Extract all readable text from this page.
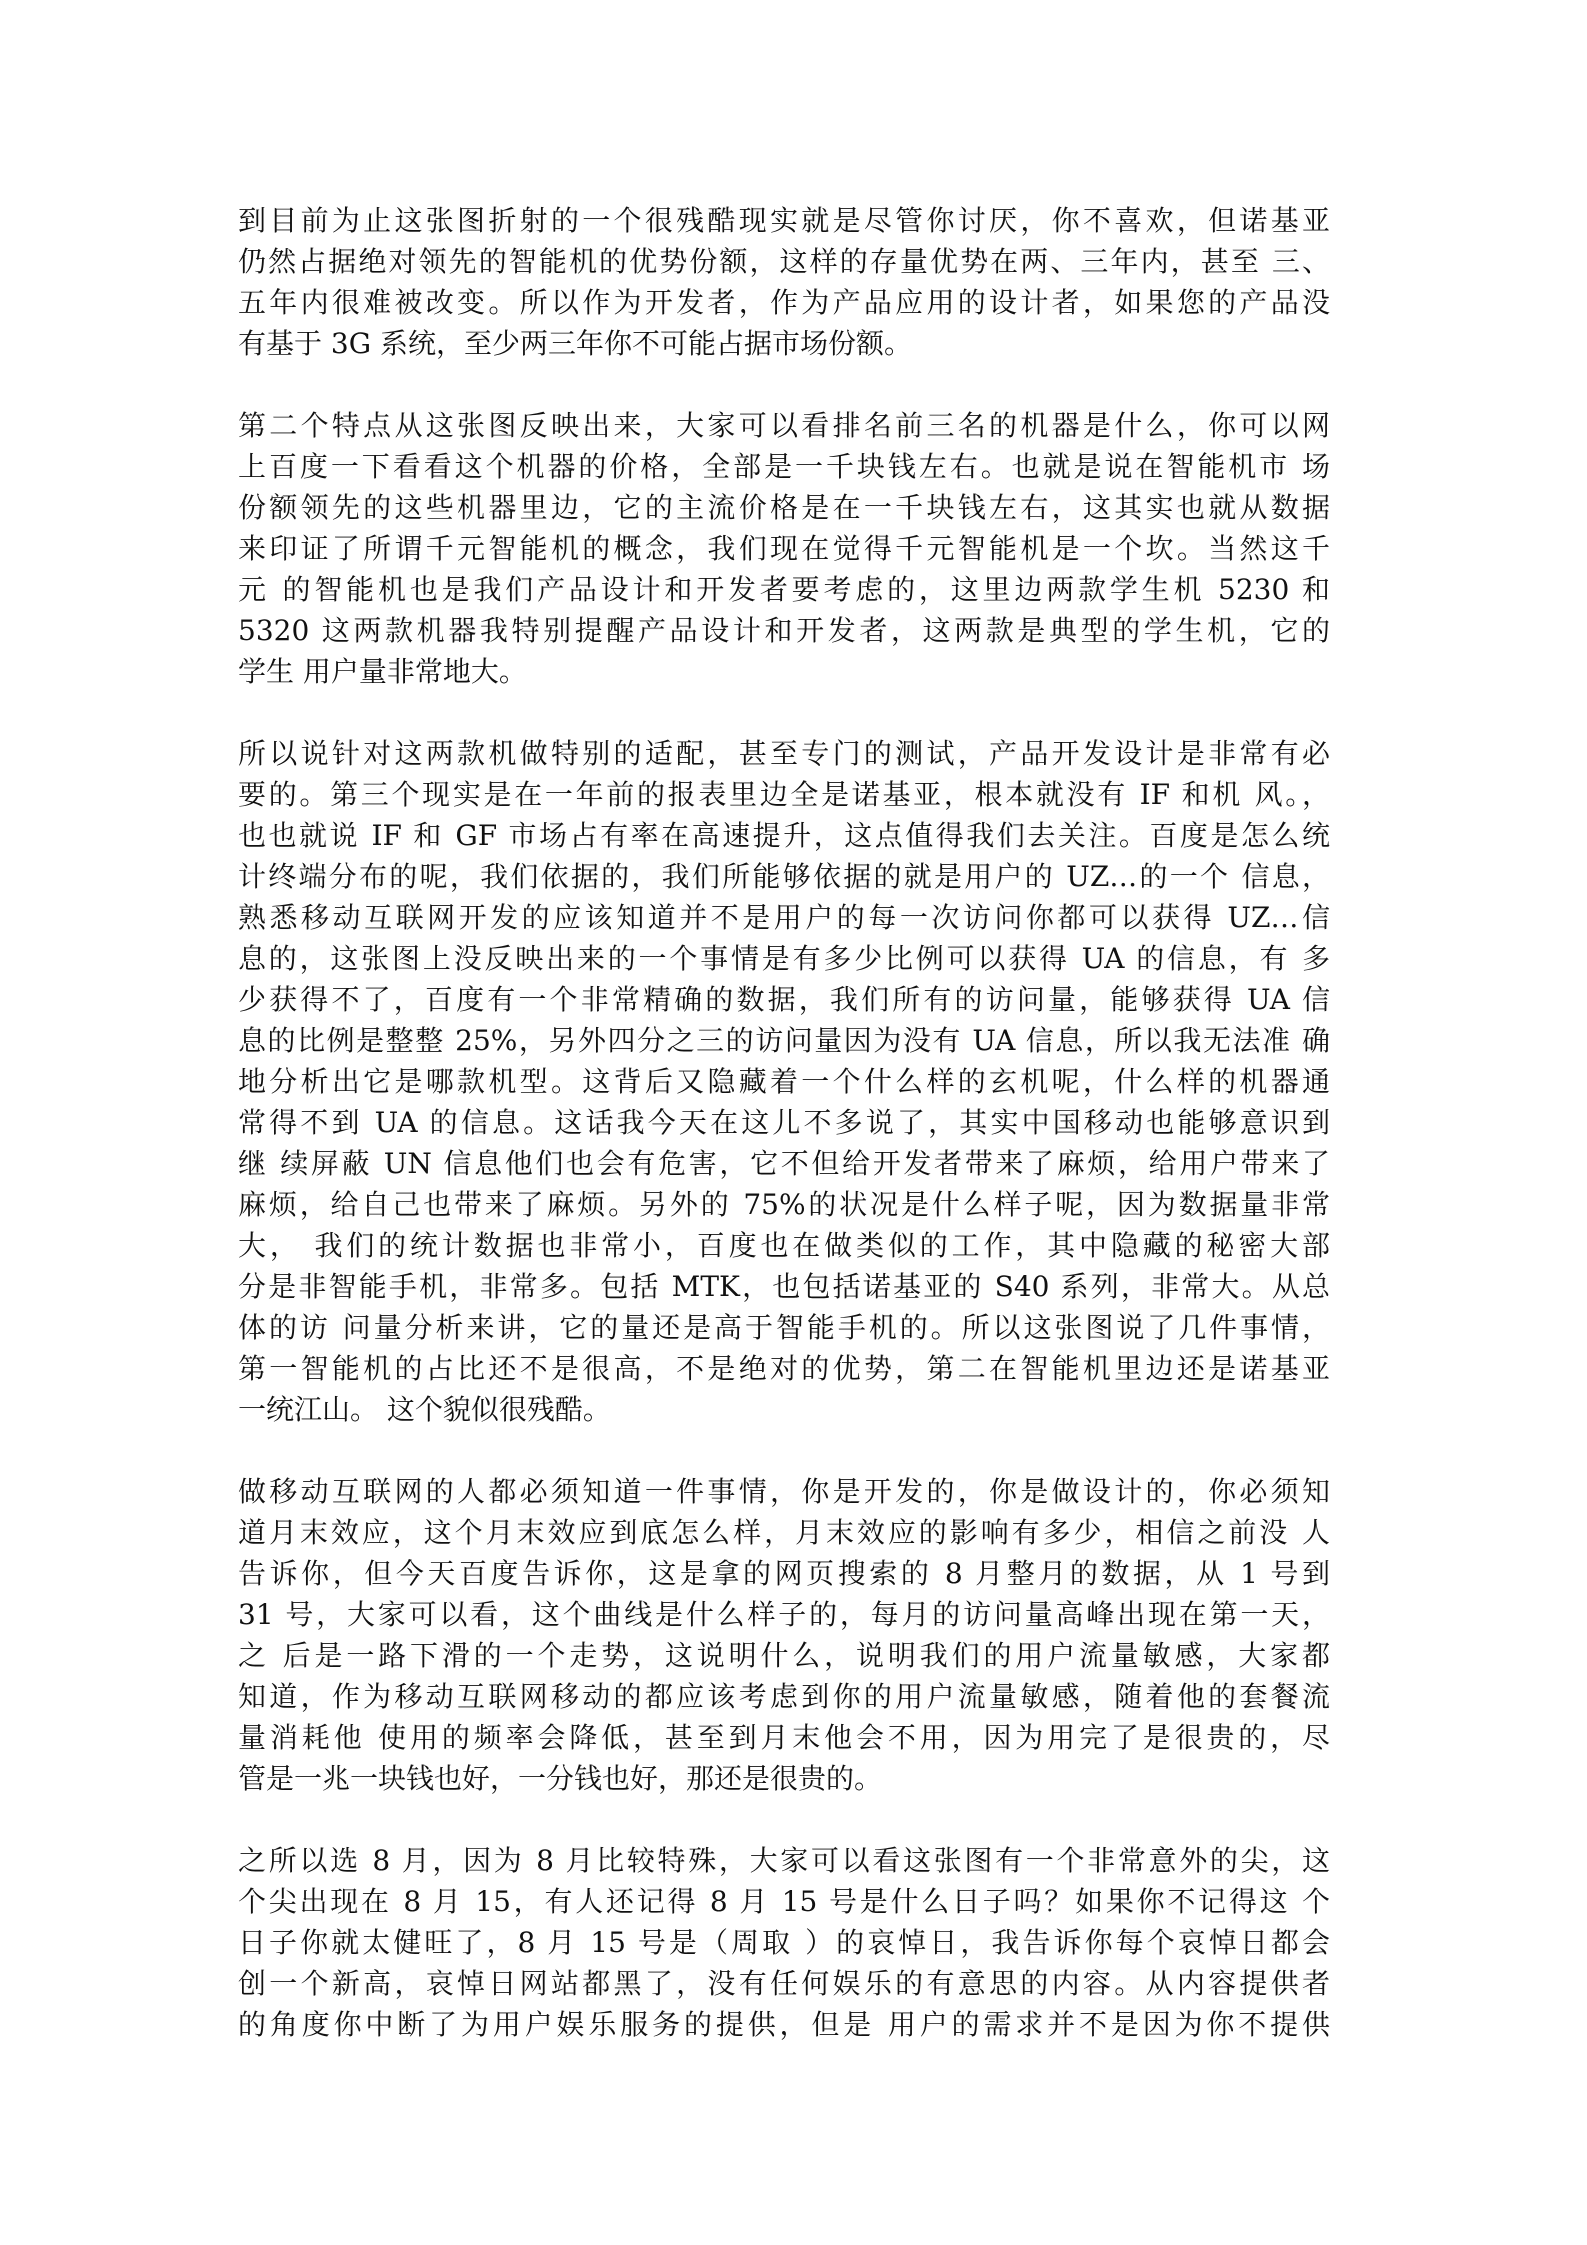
到目前为止这张图折射的一个很残酷现实就是尽管你讨厌，你不喜欢，但诺基亚
仍然占据绝对领先的智能机的优势份额，这样的存量优势在两、三年内，甚至 三、
五年内很难被改变。所以作为开发者，作为产品应用的设计者，如果您的产品没
有基于 3G 系统，至少两三年你不可能占据市场份额。
第二个特点从这张图反映出来，大家可以看排名前三名的机器是什么，你可以网
上百度一下看看这个机器的价格，全部是一千块钱左右。也就是说在智能机市 场
份额领先的这些机器里边，它的主流价格是在一千块钱左右，这其实也就从数据
来印证了所谓千元智能机的概念，我们现在觉得千元智能机是一个坎。当然这千
元 的智能机也是我们产品设计和开发者要考虑的，这里边两款学生机 5230 和
5320 这两款机器我特别提醒产品设计和开发者，这两款是典型的学生机，它的
学生 用户量非常地大。
所以说针对这两款机做特别的适配，甚至专门的测试，产品开发设计是非常有必
要的。第三个现实是在一年前的报表里边全是诺基亚，根本就没有 IF 和机 风。，
也也就说 IF 和 GF 市场占有率在高速提升，这点值得我们去关注。百度是怎么统
计终端分布的呢，我们依据的，我们所能够依据的就是用户的 UZ…的一个 信息，
熟悉移动互联网开发的应该知道并不是用户的每一次访问你都可以获得 UZ…信
息的，这张图上没反映出来的一个事情是有多少比例可以获得 UA 的信息，有 多
少获得不了，百度有一个非常精确的数据，我们所有的访问量，能够获得 UA 信
息的比例是整整 25%，另外四分之三的访问量因为没有 UA 信息，所以我无法准 确
地分析出它是哪款机型。这背后又隐藏着一个什么样的玄机呢，什么样的机器通
常得不到 UA 的信息。这话我今天在这儿不多说了，其实中国移动也能够意识到
继 续屏蔽 UN 信息他们也会有危害，它不但给开发者带来了麻烦，给用户带来了
麻烦，给自己也带来了麻烦。另外的 75%的状况是什么样子呢，因为数据量非常
大， 我们的统计数据也非常小，百度也在做类似的工作，其中隐藏的秘密大部
分是非智能手机，非常多。包括 MTK，也包括诺基亚的 S40 系列，非常大。从总
体的访 问量分析来讲，它的量还是高于智能手机的。所以这张图说了几件事情，
第一智能机的占比还不是很高，不是绝对的优势，第二在智能机里边还是诺基亚
一统江山。 这个貌似很残酷。
做移动互联网的人都必须知道一件事情，你是开发的，你是做设计的，你必须知
道月末效应，这个月末效应到底怎么样，月末效应的影响有多少，相信之前没 人
告诉你，但今天百度告诉你，这是拿的网页搜索的 8 月整月的数据，从 1 号到
31 号，大家可以看，这个曲线是什么样子的，每月的访问量高峰出现在第一天，
之 后是一路下滑的一个走势，这说明什么，说明我们的用户流量敏感，大家都
知道，作为移动互联网移动的都应该考虑到你的用户流量敏感，随着他的套餐流
量消耗他 使用的频率会降低，甚至到月末他会不用，因为用完了是很贵的，尽
管是一兆一块钱也好，一分钱也好，那还是很贵的。
之所以选 8 月，因为 8 月比较特殊，大家可以看这张图有一个非常意外的尖，这
个尖出现在 8 月 15，有人还记得 8 月 15 号是什么日子吗？如果你不记得这 个
日子你就太健旺了，8 月 15 号是（周取 ）的哀悼日，我告诉你每个哀悼日都会
创一个新高，哀悼日网站都黑了，没有任何娱乐的有意思的内容。从内容提供者
的角度你中断了为用户娱乐服务的提供，但是 用户的需求并不是因为你不提供
